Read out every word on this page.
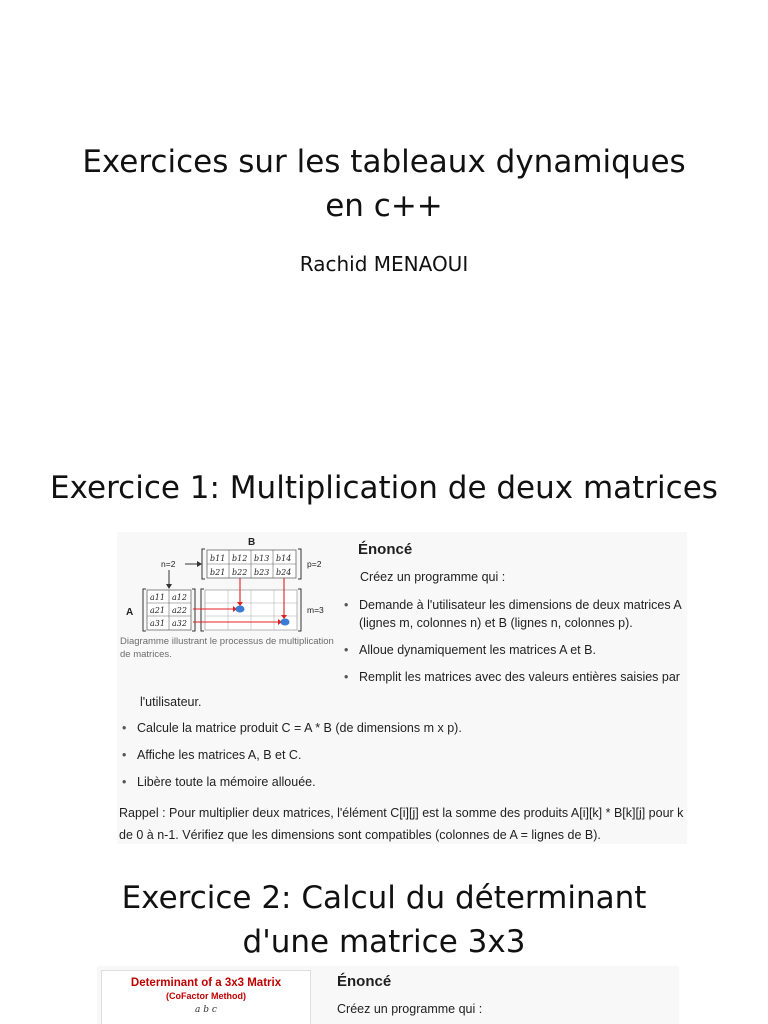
Exercices sur les tableaux dynamiques en c++
Rachid MENAOUI
Exercice 1: Multiplication de deux matrices
B
n=2	p=2
A	m=3
b11 b12 b13 b14
b21 b22 b23 b24
a11 a12
a21 a22
a31 a32
Diagramme illustrant le processus de multiplication de matrices.
Énoncé
Créez un programme qui :
• Demande à l'utilisateur les dimensions de deux matrices A (lignes m, colonnes n) et B (lignes n, colonnes p).
• Alloue dynamiquement les matrices A et B.
• Remplit les matrices avec des valeurs entières saisies par
l'utilisateur.
• Calcule la matrice produit C = A * B (de dimensions m x p).
• Affiche les matrices A, B et C.
• Libère toute la mémoire allouée.
Rappel : Pour multiplier deux matrices, l'élément C[i][j] est la somme des produits A[i][k] * B[k][j] pour k de 0 à n-1. Vérifiez que les dimensions sont compatibles (colonnes de A = lignes de B).
Exercice 2: Calcul du déterminant d'une matrice 3x3
Determinant of a 3x3 Matrix
(CoFactor Method)
a b c
Énoncé
Créez un programme qui :
